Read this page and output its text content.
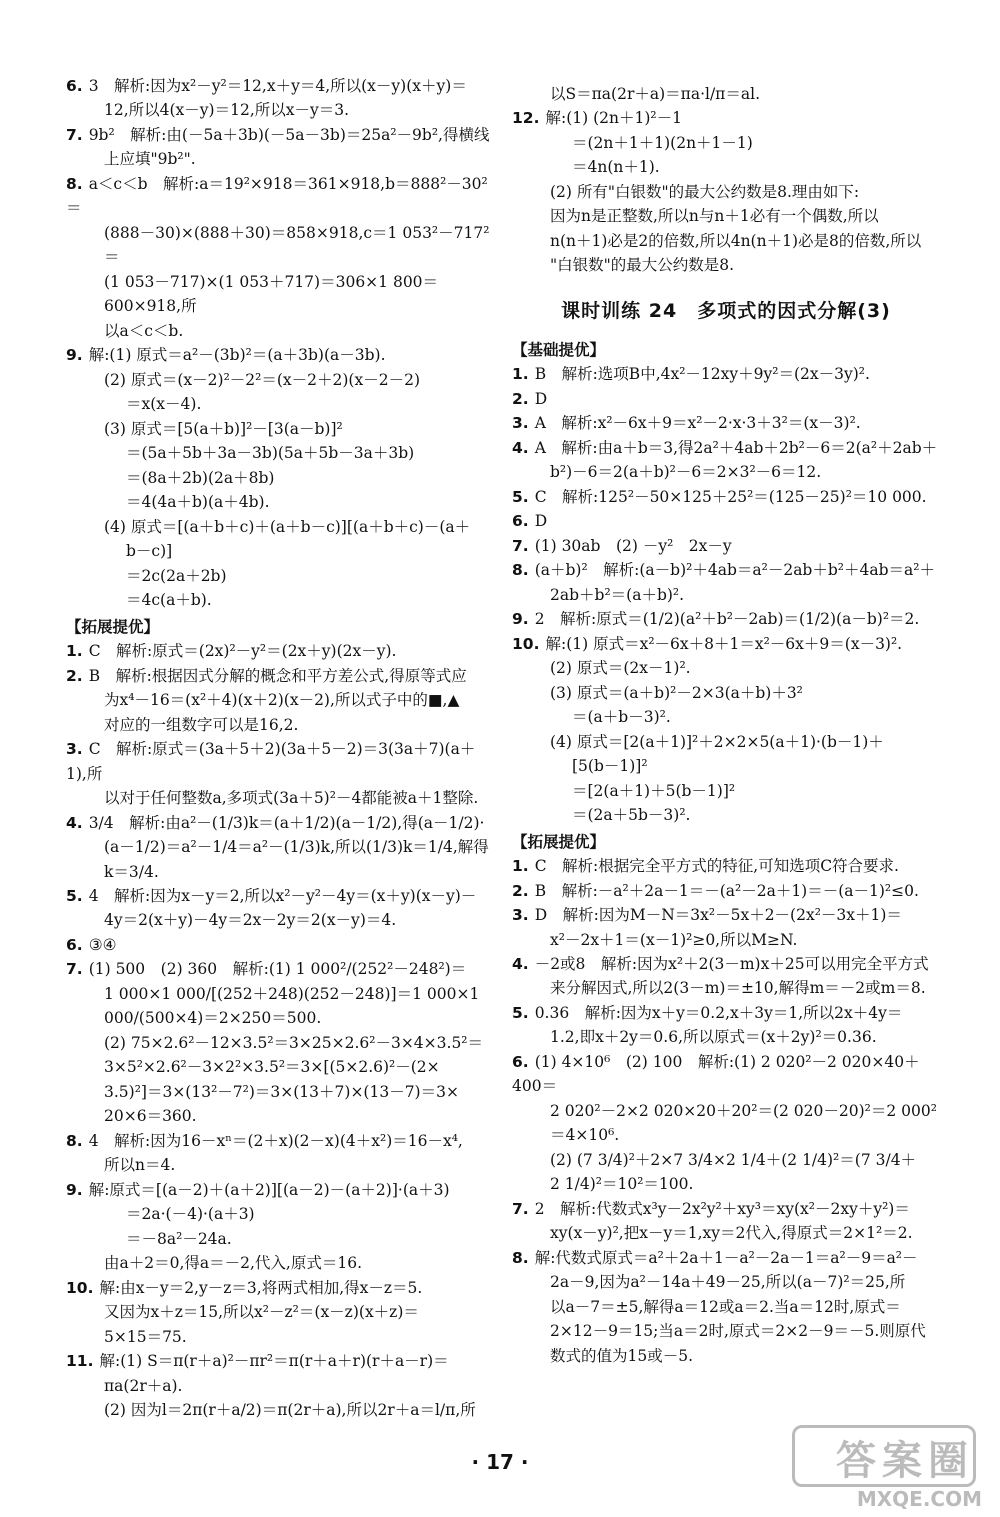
6. 3　解析:因为x²－y²＝12,x＋y＝4,所以(x－y)(x＋y)＝
12,所以4(x－y)＝12,所以x－y＝3.
7. 9b²　解析:由(－5a＋3b)(－5a－3b)＝25a²－9b²,得横线
上应填"9b²".
8. a＜c＜b　解析:a＝19²×918＝361×918,b＝888²－30²＝
(888－30)×(888＋30)＝858×918,c＝1 053²－717²＝
(1 053－717)×(1 053＋717)＝306×1 800＝600×918,所
以a＜c＜b.
9. 解:(1) 原式＝a²－(3b)²＝(a＋3b)(a－3b).
(2) 原式＝(x－2)²－2²＝(x－2＋2)(x－2－2)
＝x(x－4).
(3) 原式＝[5(a＋b)]²－[3(a－b)]²
＝(5a＋5b＋3a－3b)(5a＋5b－3a＋3b)
＝(8a＋2b)(2a＋8b)
＝4(4a＋b)(a＋4b).
(4) 原式＝[(a＋b＋c)＋(a＋b－c)][(a＋b＋c)－(a＋
b－c)]
＝2c(2a＋2b)
＝4c(a＋b).
【拓展提优】
1. C　解析:原式＝(2x)²－y²＝(2x＋y)(2x－y).
2. B　解析:根据因式分解的概念和平方差公式,得原等式应
为x⁴－16＝(x²＋4)(x＋2)(x－2),所以式子中的■,▲
对应的一组数字可以是16,2.
3. C　解析:原式＝(3a＋5＋2)(3a＋5－2)＝3(3a＋7)(a＋1),所
以对于任何整数a,多项式(3a＋5)²－4都能被a＋1整除.
4. 3/4　解析:由a²－(1/3)k＝(a＋1/2)(a－1/2),得(a－1/2)·
(a－1/2)＝a²－1/4＝a²－(1/3)k,所以(1/3)k＝1/4,解得k＝3/4.
5. 4　解析:因为x－y＝2,所以x²－y²－4y＝(x＋y)(x－y)－
4y＝2(x＋y)－4y＝2x－2y＝2(x－y)＝4.
6. ③④
7. (1) 500　(2) 360　解析:(1) 1 000²/(252²－248²)＝
1 000×1 000/[(252＋248)(252－248)]＝1 000×1 000/(500×4)＝2×250＝500.
(2) 75×2.6²－12×3.5²＝3×25×2.6²－3×4×3.5²＝
3×5²×2.6²－3×2²×3.5²＝3×[(5×2.6)²－(2×
3.5)²]＝3×(13²－7²)＝3×(13＋7)×(13－7)＝3×
20×6＝360.
8. 4　解析:因为16－xⁿ＝(2＋x)(2－x)(4＋x²)＝16－x⁴,
所以n＝4.
9. 解:原式＝[(a－2)＋(a＋2)][(a－2)－(a＋2)]·(a＋3)
＝2a·(－4)·(a＋3)
＝－8a²－24a.
由a＋2＝0,得a＝－2,代入,原式＝16.
10. 解:由x－y＝2,y－z＝3,将两式相加,得x－z＝5.
又因为x＋z＝15,所以x²－z²＝(x－z)(x＋z)＝
5×15＝75.
11. 解:(1) S＝π(r＋a)²－πr²＝π(r＋a＋r)(r＋a－r)＝
πa(2r＋a).
(2) 因为l＝2π(r＋a/2)＝π(2r＋a),所以2r＋a＝l/π,所
以S＝πa(2r＋a)＝πa·l/π＝al.
12. 解:(1) (2n＋1)²－1
＝(2n＋1＋1)(2n＋1－1)
＝4n(n＋1).
(2) 所有"白银数"的最大公约数是8.理由如下:
因为n是正整数,所以n与n＋1必有一个偶数,所以
n(n＋1)必是2的倍数,所以4n(n＋1)必是8的倍数,所以
"白银数"的最大公约数是8.
课时训练 24　多项式的因式分解(3)
【基础提优】
1. B　解析:选项B中,4x²－12xy＋9y²＝(2x－3y)².
2. D
3. A　解析:x²－6x＋9＝x²－2·x·3＋3²＝(x－3)².
4. A　解析:由a＋b＝3,得2a²＋4ab＋2b²－6＝2(a²＋2ab＋
b²)－6＝2(a＋b)²－6＝2×3²－6＝12.
5. C　解析:125²－50×125＋25²＝(125－25)²＝10 000.
6. D
7. (1) 30ab　(2) －y²　2x－y
8. (a＋b)²　解析:(a－b)²＋4ab＝a²－2ab＋b²＋4ab＝a²＋
2ab＋b²＝(a＋b)².
9. 2　解析:原式＝(1/2)(a²＋b²－2ab)＝(1/2)(a－b)²＝2.
10. 解:(1) 原式＝x²－6x＋8＋1＝x²－6x＋9＝(x－3)².
(2) 原式＝(2x－1)².
(3) 原式＝(a＋b)²－2×3(a＋b)＋3²
＝(a＋b－3)².
(4) 原式＝[2(a＋1)]²＋2×2×5(a＋1)·(b－1)＋
[5(b－1)]²
＝[2(a＋1)＋5(b－1)]²
＝(2a＋5b－3)².
【拓展提优】
1. C　解析:根据完全平方式的特征,可知选项C符合要求.
2. B　解析:－a²＋2a－1＝－(a²－2a＋1)＝－(a－1)²≤0.
3. D　解析:因为M－N＝3x²－5x＋2－(2x²－3x＋1)＝
x²－2x＋1＝(x－1)²≥0,所以M≥N.
4. －2或8　解析:因为x²＋2(3－m)x＋25可以用完全平方式
来分解因式,所以2(3－m)＝±10,解得m＝－2或m＝8.
5. 0.36　解析:因为x＋y＝0.2,x＋3y＝1,所以2x＋4y＝
1.2,即x＋2y＝0.6,所以原式＝(x＋2y)²＝0.36.
6. (1) 4×10⁶　(2) 100　解析:(1) 2 020²－2 020×40＋400＝
2 020²－2×2 020×20＋20²＝(2 020－20)²＝2 000²＝4×10⁶.
(2) (7 3/4)²＋2×7 3/4×2 1/4＋(2 1/4)²＝(7 3/4＋
2 1/4)²＝10²＝100.
7. 2　解析:代数式x³y－2x²y²＋xy³＝xy(x²－2xy＋y²)＝
xy(x－y)²,把x－y＝1,xy＝2代入,得原式＝2×1²＝2.
8. 解:代数式原式＝a²＋2a＋1－a²－2a－1＝a²－9＝a²－
2a－9,因为a²－14a＋49－25,所以(a－7)²＝25,所
以a－7＝±5,解得a＝12或a＝2.当a＝12时,原式＝
2×12－9＝15;当a＝2时,原式＝2×2－9＝－5.则原代
数式的值为15或－5.
· 17 ·	答案圈
MXQE.COM
